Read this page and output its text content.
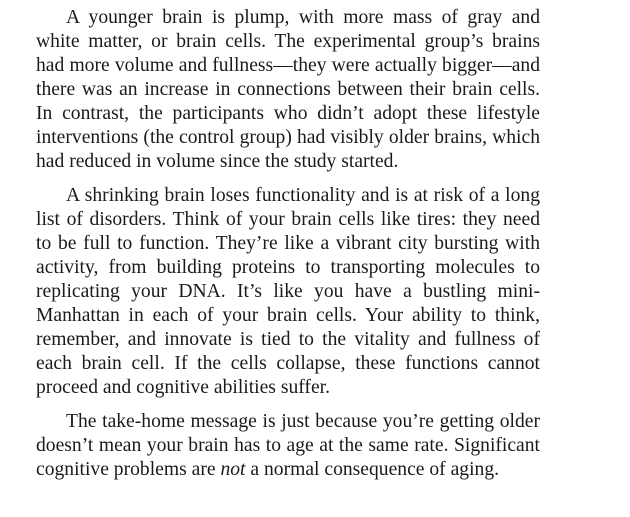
A younger brain is plump, with more mass of gray and white matter, or brain cells. The experimental group’s brains had more volume and fullness—they were actually bigger—and there was an increase in connections between their brain cells. In contrast, the participants who didn’t adopt these lifestyle interventions (the control group) had visibly older brains, which had reduced in volume since the study started.

A shrinking brain loses functionality and is at risk of a long list of disorders. Think of your brain cells like tires: they need to be full to function. They’re like a vibrant city bursting with activity, from building proteins to transporting molecules to replicating your DNA. It’s like you have a bustling mini-Manhattan in each of your brain cells. Your ability to think, remember, and innovate is tied to the vitality and fullness of each brain cell. If the cells collapse, these functions cannot proceed and cognitive abilities suffer.

The take-home message is just because you’re getting older doesn’t mean your brain has to age at the same rate. Significant cognitive problems are not a normal consequence of aging.
